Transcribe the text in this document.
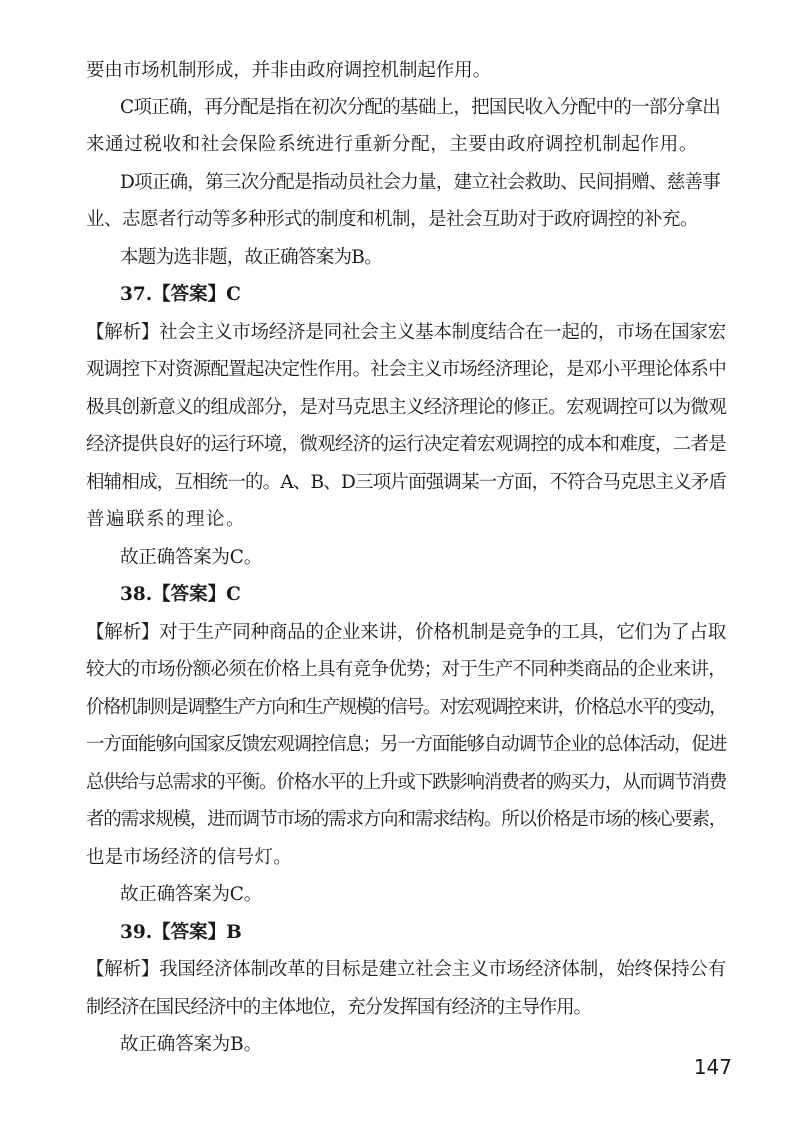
要由市场机制形成，并非由政府调控机制起作用。
C项正确，再分配是指在初次分配的基础上，把国民收入分配中的一部分拿出
来通过税收和社会保险系统进行重新分配，主要由政府调控机制起作用。
D项正确，第三次分配是指动员社会力量，建立社会救助、民间捐赠、慈善事
业、志愿者行动等多种形式的制度和机制，是社会互助对于政府调控的补充。
本题为选非题，故正确答案为B。
37.【答案】C
【解析】社会主义市场经济是同社会主义基本制度结合在一起的，市场在国家宏
观调控下对资源配置起决定性作用。社会主义市场经济理论，是邓小平理论体系中
极具创新意义的组成部分，是对马克思主义经济理论的修正。宏观调控可以为微观
经济提供良好的运行环境，微观经济的运行决定着宏观调控的成本和难度，二者是
相辅相成，互相统一的。A、B、D三项片面强调某一方面，不符合马克思主义矛盾
普遍联系的理论。
故正确答案为C。
38.【答案】C
【解析】对于生产同种商品的企业来讲，价格机制是竞争的工具，它们为了占取
较大的市场份额必须在价格上具有竞争优势；对于生产不同种类商品的企业来讲，
价格机制则是调整生产方向和生产规模的信号。对宏观调控来讲，价格总水平的变动，
一方面能够向国家反馈宏观调控信息；另一方面能够自动调节企业的总体活动，促进
总供给与总需求的平衡。价格水平的上升或下跌影响消费者的购买力，从而调节消费
者的需求规模，进而调节市场的需求方向和需求结构。所以价格是市场的核心要素，
也是市场经济的信号灯。
故正确答案为C。
39.【答案】B
【解析】我国经济体制改革的目标是建立社会主义市场经济体制，始终保持公有
制经济在国民经济中的主体地位，充分发挥国有经济的主导作用。
故正确答案为B。
147
